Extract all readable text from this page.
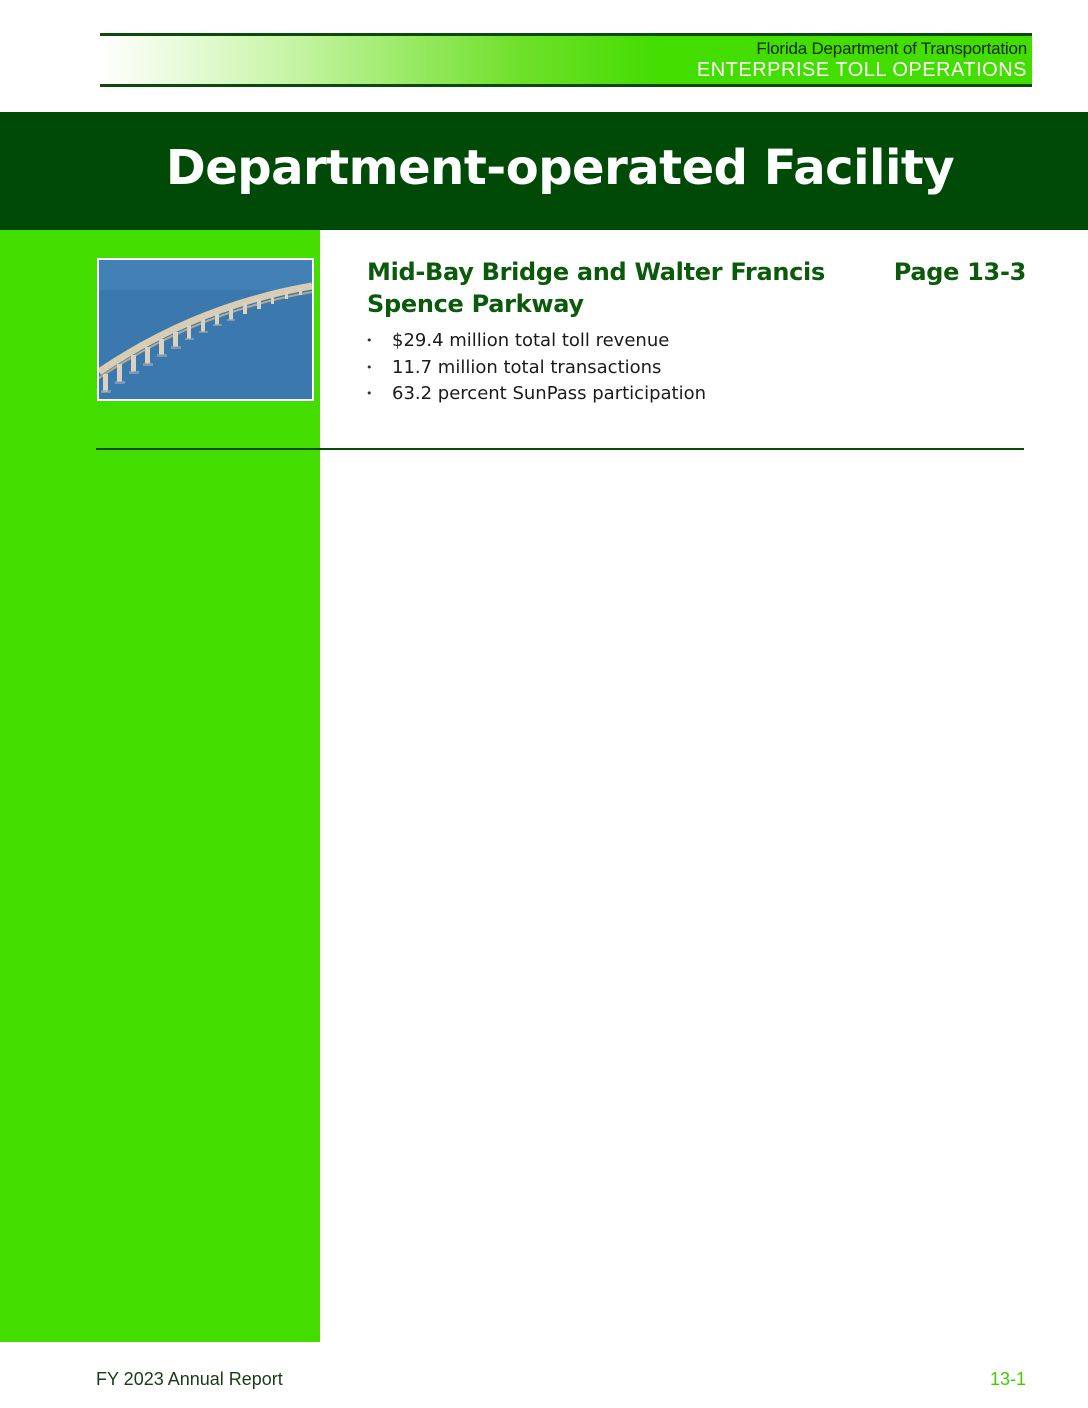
Florida Department of Transportation
ENTERPRISE TOLL OPERATIONS
Department-operated Facility
Mid-Bay Bridge and Walter Francis
Spence Parkway
Page 13-3
• $29.4 million total toll revenue
• 11.7 million total transactions
• 63.2 percent SunPass participation
FY 2023 Annual Report	13-1
